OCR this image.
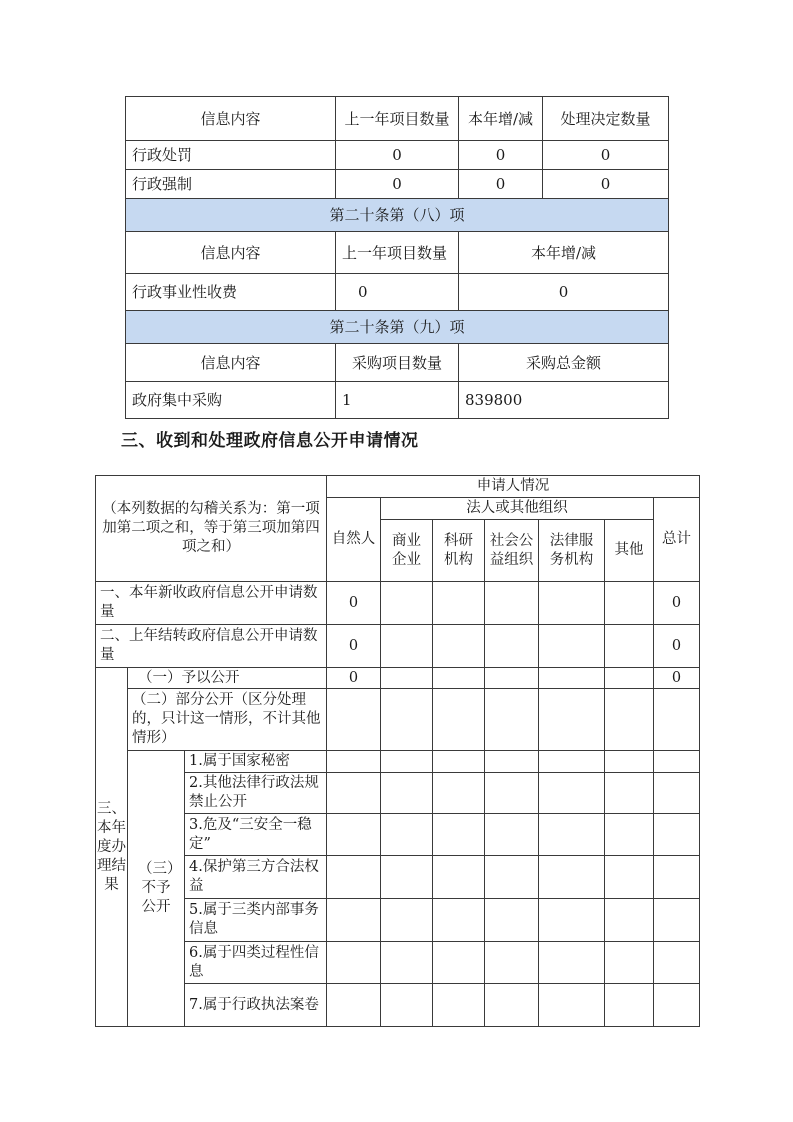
信息内容	上一年项目数量	本年增/减	处理决定数量
行政处罚	0	0	0
行政强制	0	0	0
第二十条第（八）项			
信息内容	上一年项目数量	本年增/减	
行政事业性收费	0	0	
第二十条第（九）项			
信息内容	采购项目数量	采购总金额	
政府集中采购	1	839800	
三、收到和处理政府信息公开申请情况
（本列数据的勾稽关系为：第一项加第二项之和，等于第三项加第四项之和）			申请人情况						
			自然人	法人或其他组织					总计
				商业企业	科研机构	社会公益组织	法律服务机构	其他	
一、本年新收政府信息公开申请数量			0						0
二、上年结转政府信息公开申请数量			0						0
三、本年度办理结果	（一）予以公开		0						0
	（二）部分公开（区分处理的，只计这一情形，不计其他情形）								
	（三）不予公开	1.属于国家秘密							
		2.其他法律行政法规禁止公开							
		3.危及“三安全一稳定”							
		4.保护第三方合法权益							
		5.属于三类内部事务信息							
		6.属于四类过程性信息							
		7.属于行政执法案卷							
